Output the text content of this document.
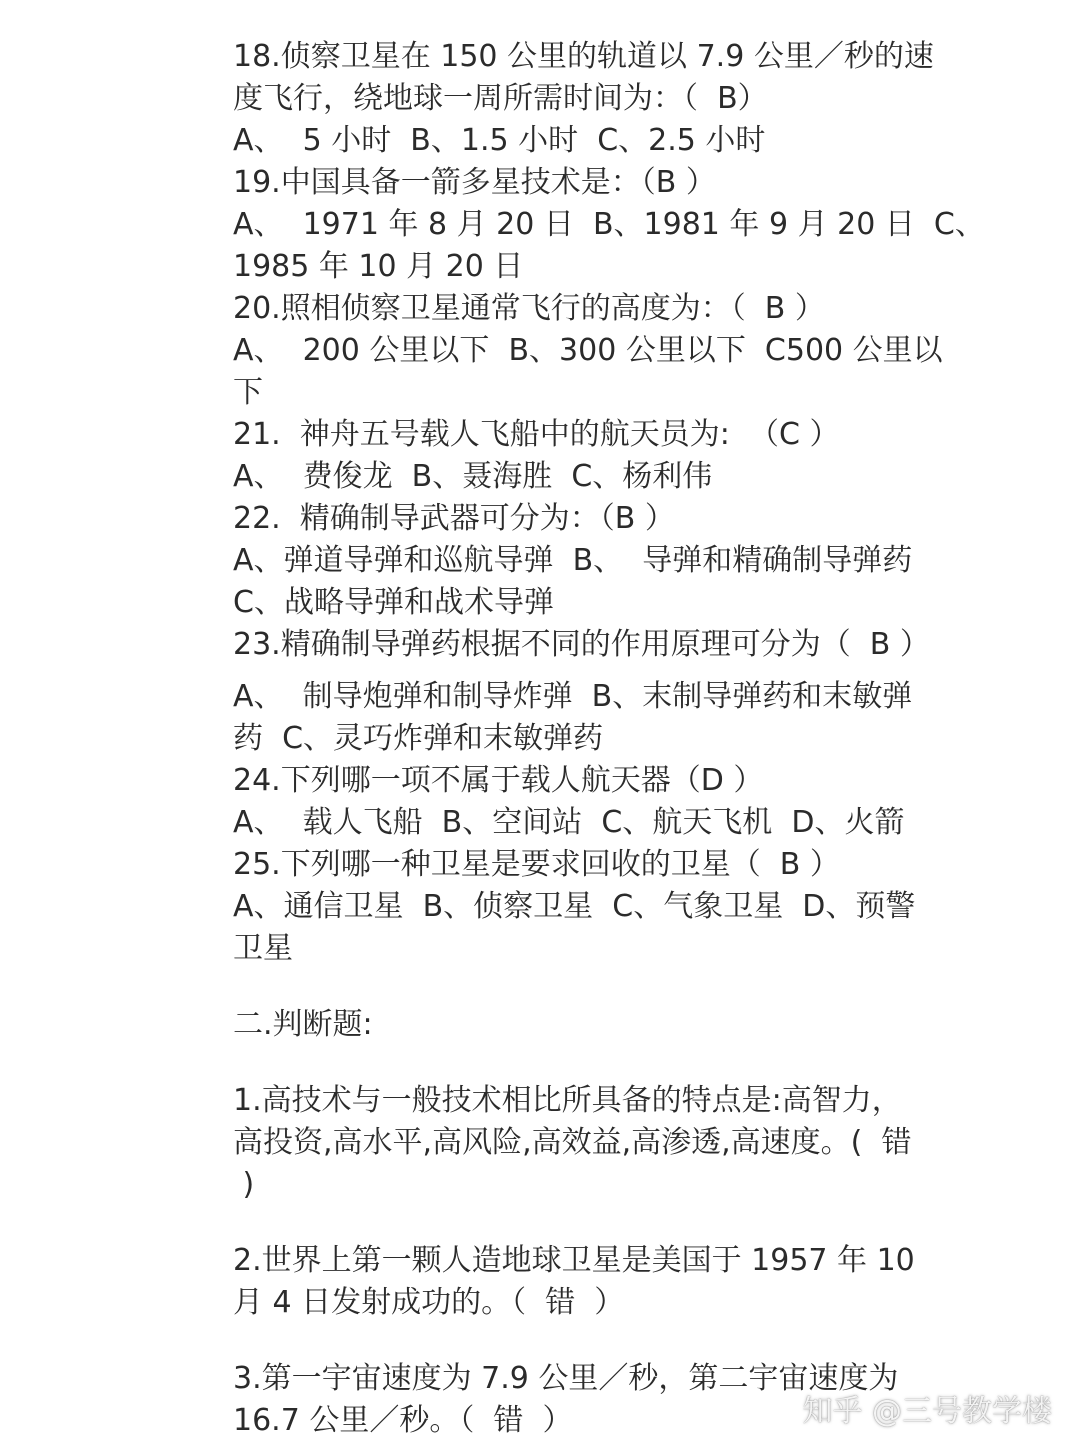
18.侦察卫星在 150 公里的轨道以 7.9 公里／秒的速
度飞行，绕地球一周所需时间为：（  B）
A、  5 小时  B、1.5 小时  C、2.5 小时
19.中国具备一箭多星技术是：（B ）
A、  1971 年 8 月 20 日  B、1981 年 9 月 20 日  C、
1985 年 10 月 20 日
20.照相侦察卫星通常飞行的高度为：（  B ）
A、  200 公里以下  B、300 公里以下  C500 公里以
下
21.  神舟五号载人飞船中的航天员为:  （C ）
A、  费俊龙  B、聂海胜  C、杨利伟
22.  精确制导武器可分为：（B ）
A、弹道导弹和巡航导弹  B、  导弹和精确制导弹药
C、战略导弹和战术导弹
23.精确制导弹药根据不同的作用原理可分为（  B ）
A、  制导炮弹和制导炸弹  B、末制导弹药和末敏弹
药  C、灵巧炸弹和末敏弹药
24.下列哪一项不属于载人航天器（D ）
A、  载人飞船  B、空间站  C、航天飞机  D、火箭
25.下列哪一种卫星是要求回收的卫星（  B ）
A、通信卫星  B、侦察卫星  C、气象卫星  D、预警
卫星
二.判断题:
1.高技术与一般技术相比所具备的特点是:高智力，
高投资,高水平,高风险,高效益,高渗透,高速度。(  错
)
2.世界上第一颗人造地球卫星是美国于 1957 年 10
月 4 日发射成功的。（  错  ）
3.第一宇宙速度为 7.9 公里／秒，第二宇宙速度为
16.7 公里／秒。（  错  ）	知乎 @三号教学楼
